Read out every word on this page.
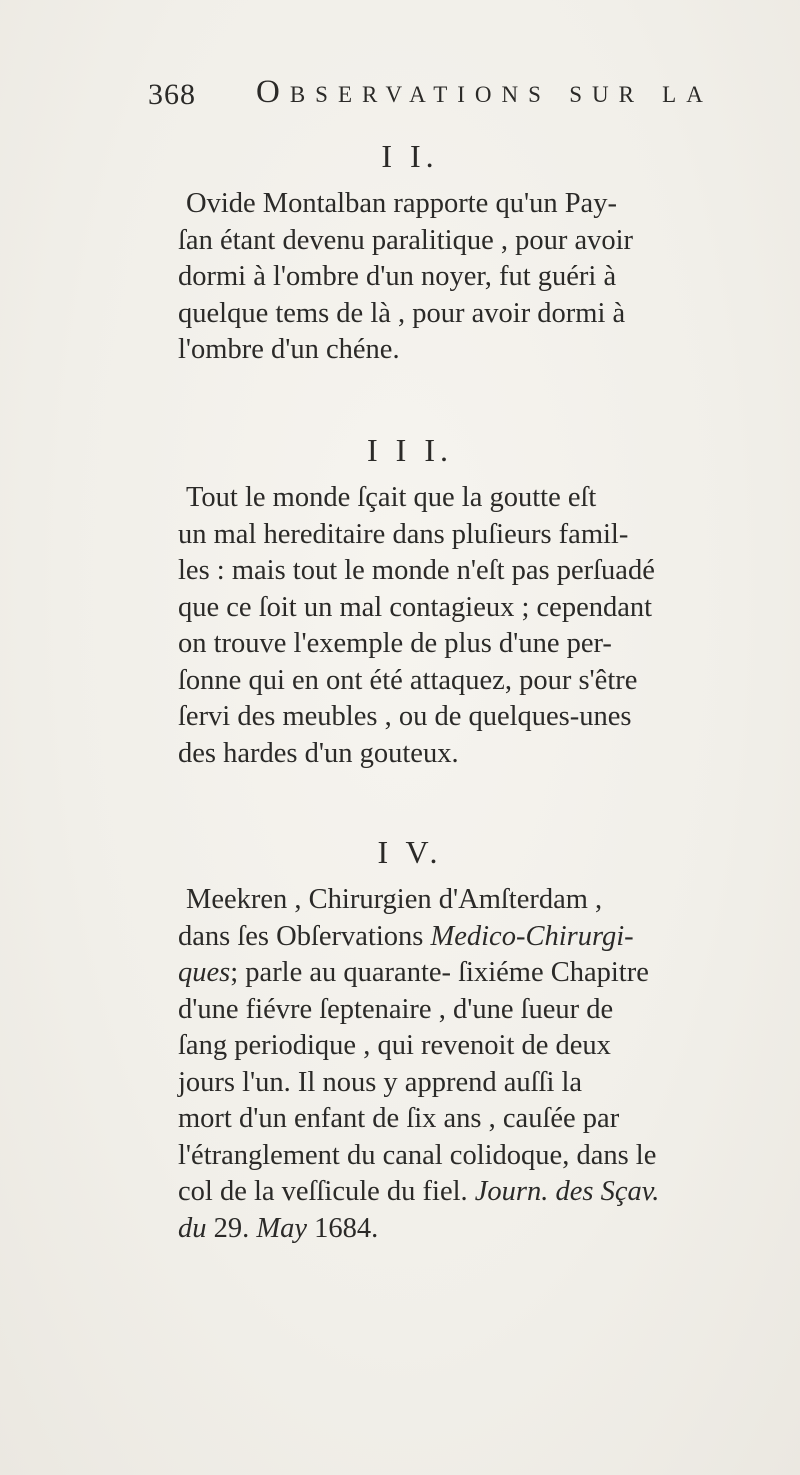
368 Observations sur la
I I.
Ovide Montalban rapporte qu'un Pay-
ſan étant devenu paralitique , pour avoir
dormi à l'ombre d'un noyer, fut guéri à
quelque tems de là , pour avoir dormi à
l'ombre d'un chéne.
I I I.
Tout le monde ſçait que la goutte eſt
un mal hereditaire dans pluſieurs famil-
les : mais tout le monde n'eſt pas perſuadé
que ce ſoit un mal contagieux ; cependant
on trouve l'exemple de plus d'une per-
ſonne qui en ont été attaquez, pour s'être
ſervi des meubles , ou de quelques-unes
des hardes d'un gouteux.
I V.
Meekren , Chirurgien d'Amſterdam ,
dans ſes Obſervations Medico-Chirurgi-
ques; parle au quarante- ſixiéme Chapitre
d'une fiévre ſeptenaire , d'une ſueur de
ſang periodique , qui revenoit de deux
jours l'un. Il nous y apprend auſſi la
mort d'un enfant de ſix ans , cauſée par
l'étranglement du canal colidoque, dans le
col de la veſſicule du fiel. Journ. des Sçav.
du 29. May 1684.
